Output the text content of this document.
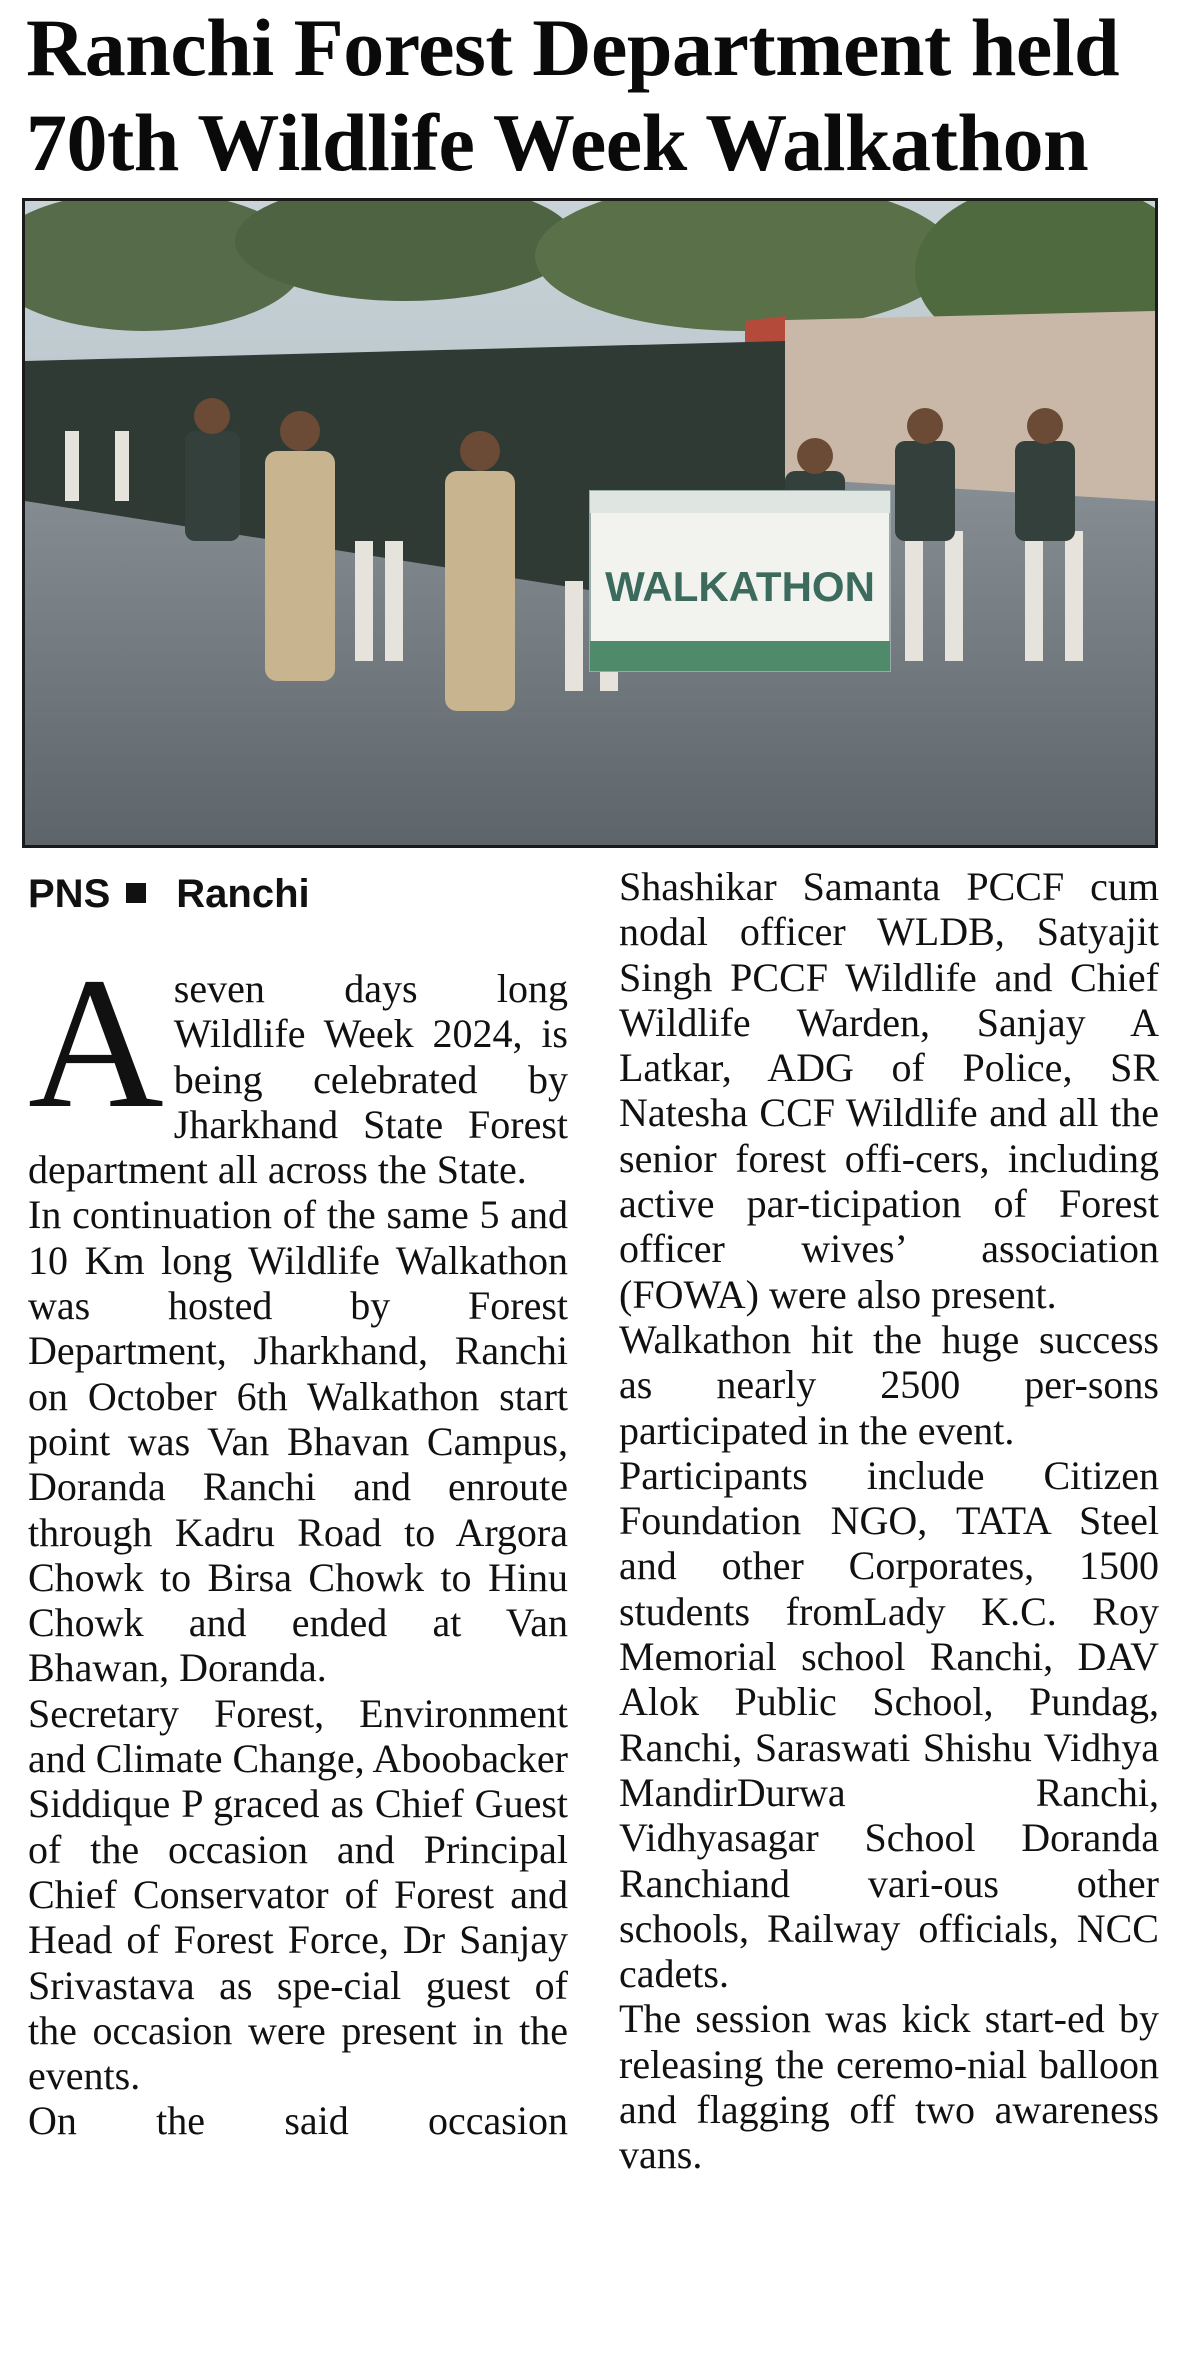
Ranchi Forest Department held
70th Wildlife Week Walkathon
WALKATHON
PNS Ranchi

Aseven days long Wildlife Week 2024, is being celebrated by Jharkhand State Forest department all across the State.

In continuation of the same 5 and 10 Km long Wildlife Walkathon was hosted by Forest Department, Jharkhand, Ranchi on October 6th Walkathon start point was Van Bhavan Campus, Doranda Ranchi and enroute through Kadru Road to Argora Chowk to Birsa Chowk to Hinu Chowk and ended at Van Bhawan, Doranda.

Secretary Forest, Environment and Climate Change, Aboobacker Siddique P graced as Chief Guest of the occasion and Principal Chief Conservator of Forest and Head of Forest Force, Dr Sanjay Srivastava as spe-cial guest of the occasion were present in the events.

On the said occasion

Shashikar Samanta PCCF cum nodal officer WLDB, Satyajit Singh PCCF Wildlife and Chief Wildlife Warden, Sanjay A Latkar, ADG of Police, SR Natesha CCF Wildlife and all the senior forest offi-cers, including active par-ticipation of Forest officer wives’ association (FOWA) were also present.

Walkathon hit the huge success as nearly 2500 per-sons participated in the event.

Participants include Citizen Foundation NGO, TATA Steel and other Corporates, 1500 students fromLady K.C. Roy Memorial school Ranchi, DAV Alok Public School, Pundag, Ranchi, Saraswati Shishu Vidhya MandirDurwa Ranchi, Vidhyasagar School Doranda Ranchiand vari-ous other schools, Railway officials, NCC cadets.

The session was kick start-ed by releasing the ceremo-nial balloon and flagging off two awareness vans.
